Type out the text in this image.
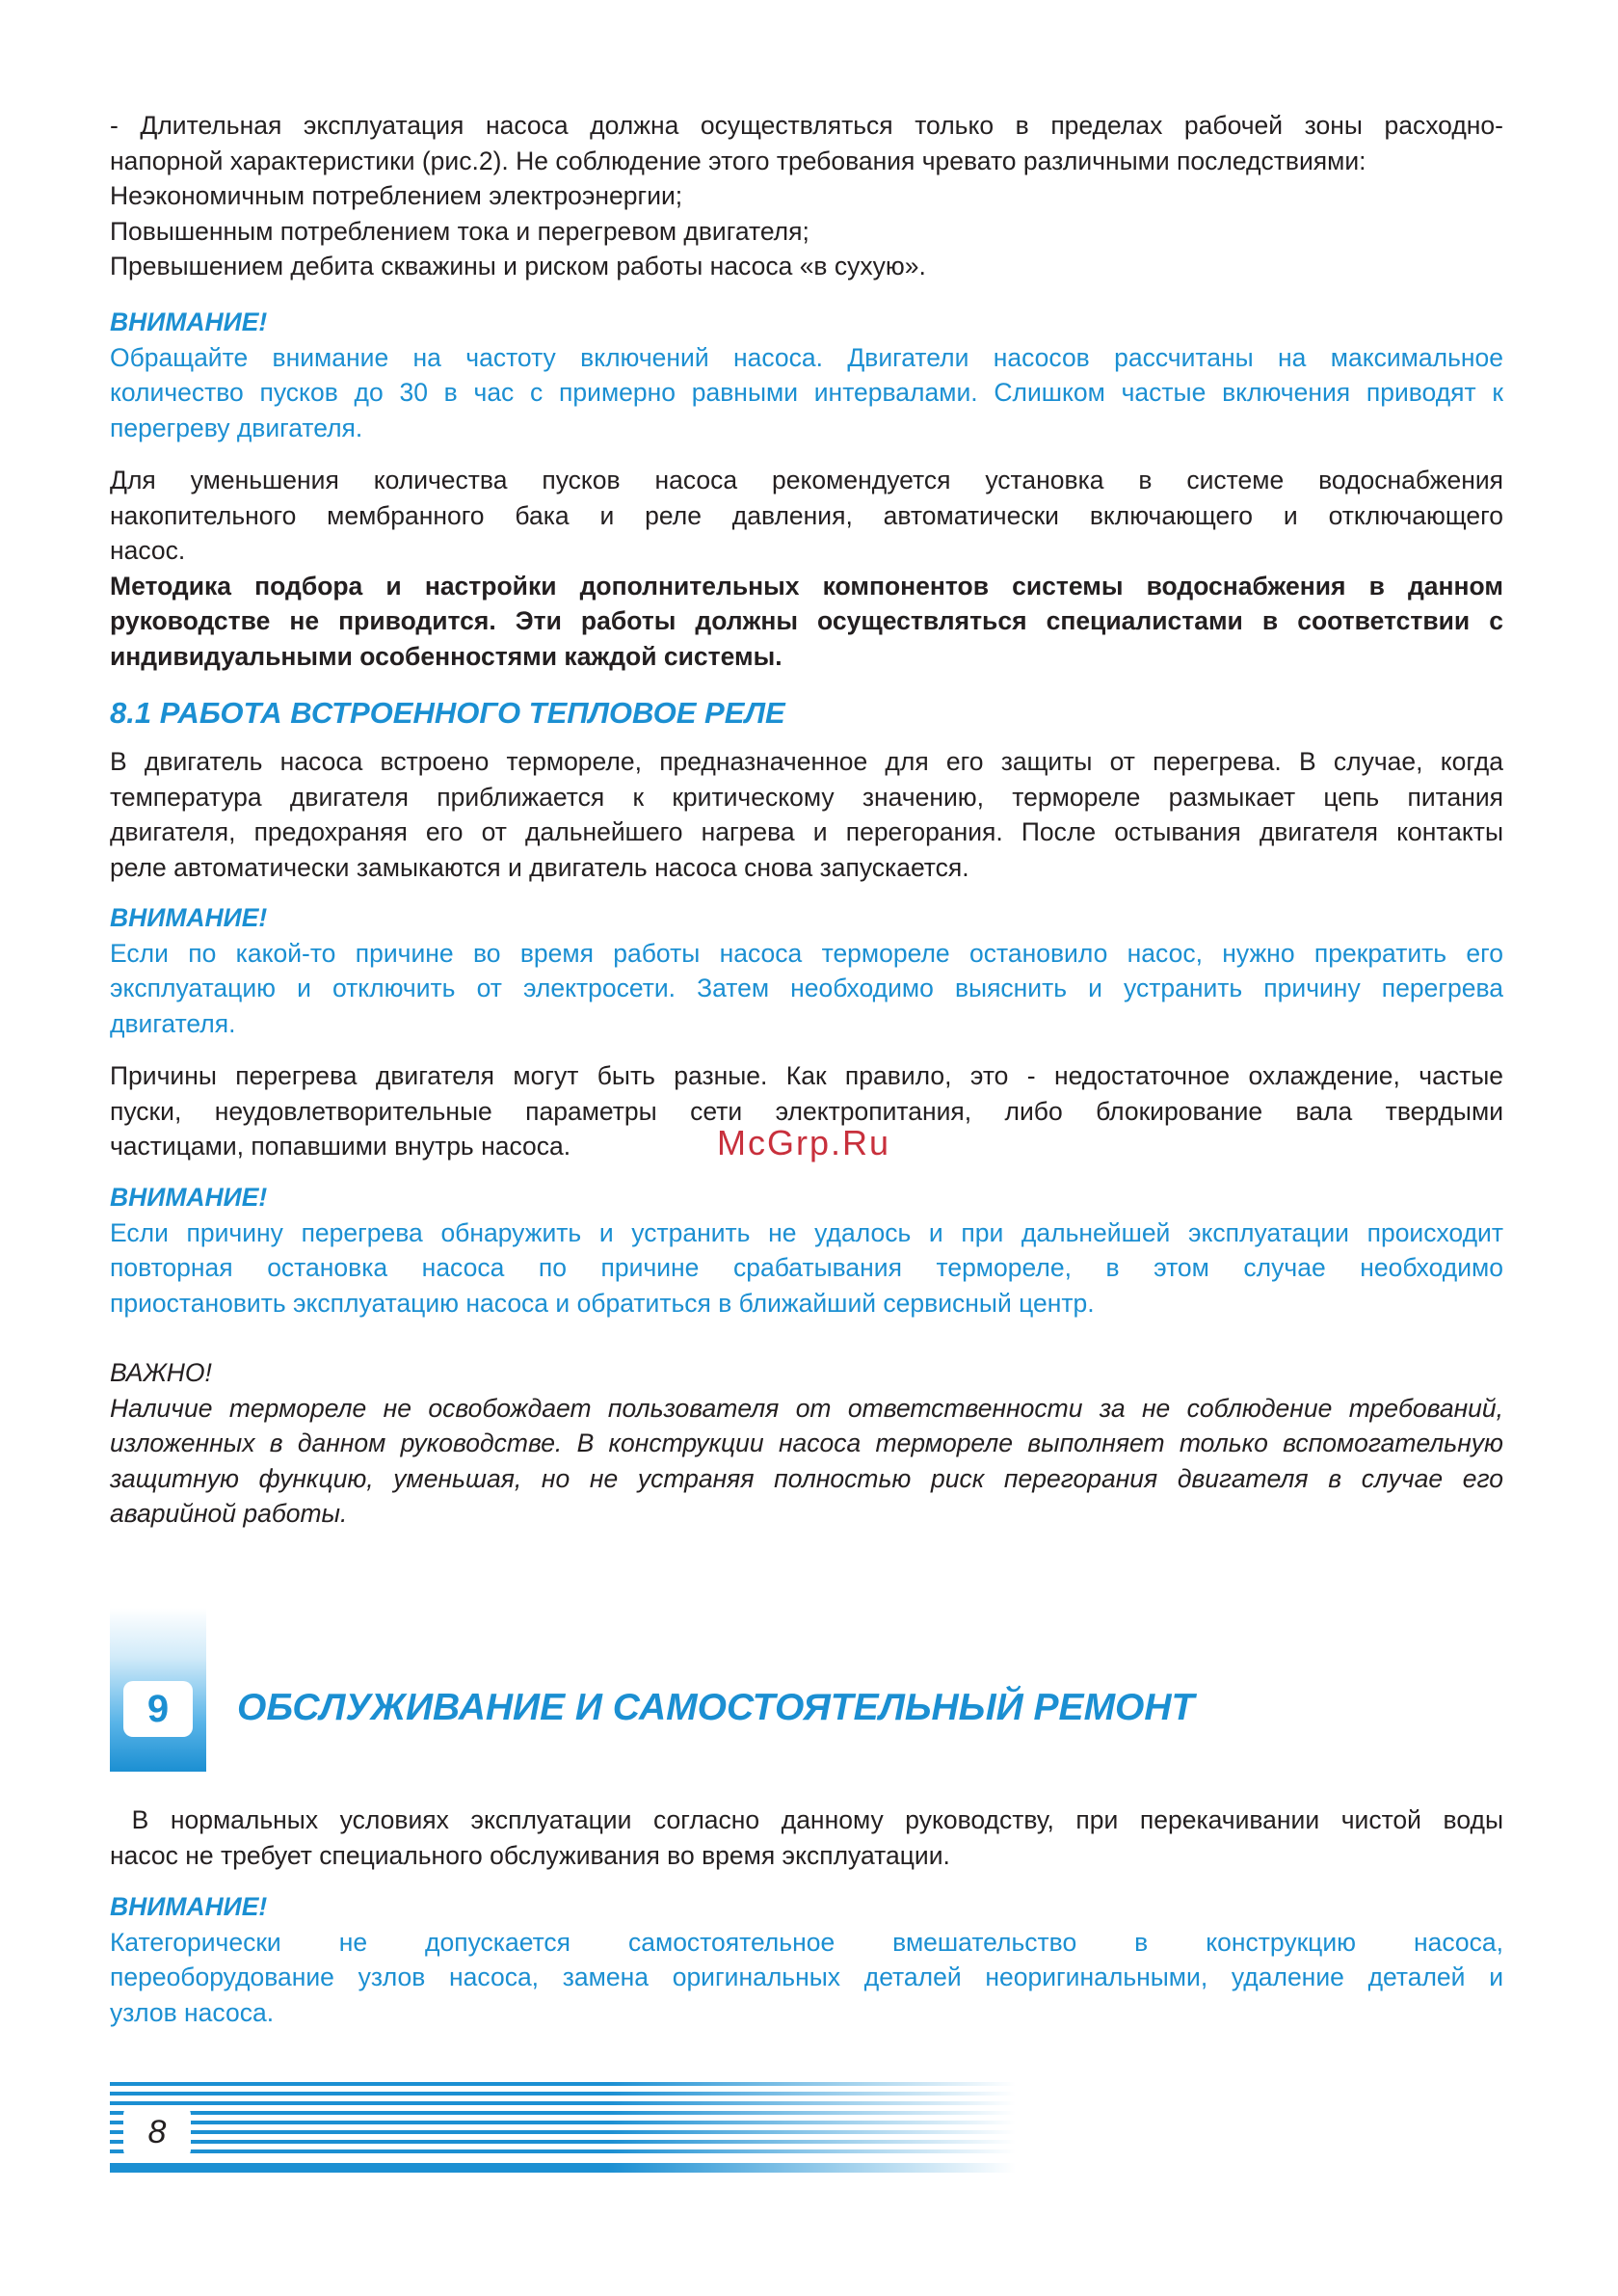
- Длительная эксплуатация насоса должна осуществляться только в пределах рабочей зоны расходно-
напорной характеристики (рис.2). Не соблюдение этого требования чревато различными последствиями:
Неэкономичным потреблением электроэнергии;
Повышенным потреблением тока и перегревом двигателя;
Превышением дебита скважины и риском работы насоса «в сухую».
ВНИМАНИЕ!
Обращайте внимание на частоту включений насоса. Двигатели насосов рассчитаны на максимальное
количество пусков до 30 в час с примерно равными интервалами. Слишком частые включения приводят к
перегреву двигателя.
Для уменьшения количества пусков насоса рекомендуется установка в системе водоснабжения
накопительного мембранного бака и реле давления, автоматически включающего и отключающего
насос.
Методика подбора и настройки дополнительных компонентов системы водоснабжения в данном
руководстве не приводится. Эти работы должны осуществляться специалистами в соответствии с
индивидуальными особенностями каждой системы.

8.1 РАБОТА ВСТРОЕННОГО ТЕПЛОВОЕ РЕЛЕ

В двигатель насоса встроено термореле, предназначенное для его защиты от перегрева. В случае, когда
температура двигателя приближается к критическому значению, термореле размыкает цепь питания
двигателя, предохраняя его от дальнейшего нагрева и перегорания. После остывания двигателя контакты
реле автоматически замыкаются и двигатель насоса снова запускается.
ВНИМАНИЕ!
Если по какой-то причине во время работы насоса термореле остановило насос, нужно прекратить его
эксплуатацию и отключить от электросети. Затем необходимо выяснить и устранить причину перегрева
двигателя.
Причины перегрева двигателя могут быть разные. Как правило, это - недостаточное охлаждение, частые
пуски, неудовлетворительные параметры сети электропитания, либо блокирование вала твердыми
частицами, попавшими внутрь насоса.	McGrp.Ru

ВНИМАНИЕ!
Если причину перегрева обнаружить и устранить не удалось и при дальнейшей эксплуатации происходит
повторная остановка насоса по причине срабатывания термореле, в этом случае необходимо
приостановить эксплуатацию насоса и обратиться в ближайший сервисный центр.
ВАЖНО!
Наличие термореле не освобождает пользователя от ответственности за не соблюдение требований,
изложенных в данном руководстве. В конструкции насоса термореле выполняет только вспомогательную
защитную функцию, уменьшая, но не устраняя полностью риск перегорания двигателя в случае его
аварийной работы.
9	ОБСЛУЖИВАНИЕ И САМОСТОЯТЕЛЬНЫЙ РЕМОНТ

В нормальных условиях эксплуатации согласно данному руководству, при перекачивании чистой воды
насос не требует специального обслуживания во время эксплуатации.
ВНИМАНИЕ!
Категорически не допускается самостоятельное вмешательство в конструкцию насоса,
переоборудование узлов насоса, замена оригинальных деталей неоригинальными, удаление деталей и
узлов насоса.
8
